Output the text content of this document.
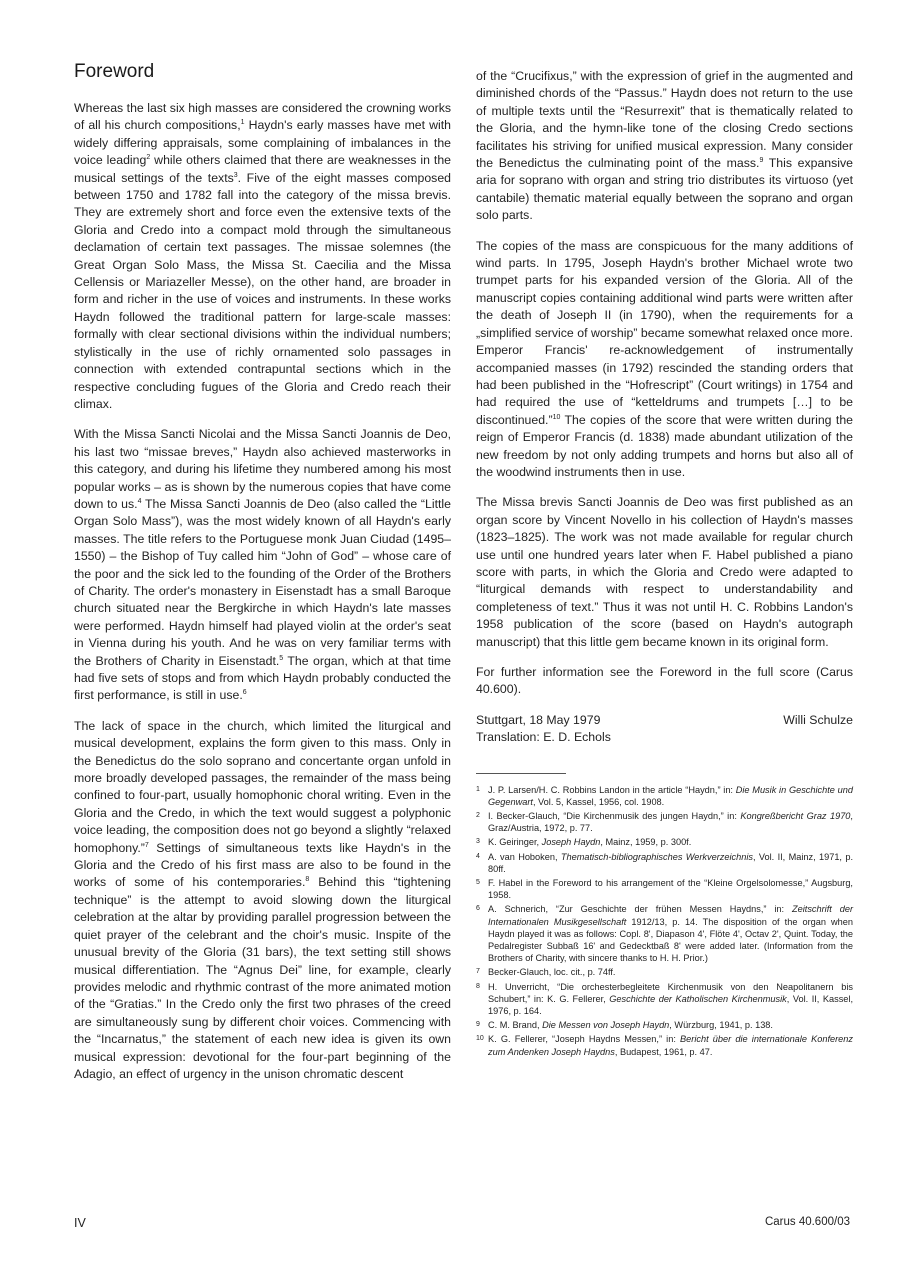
Foreword

Whereas the last six high masses are considered the crowning works of all his church compositions,$^1$ Haydn's early masses have met with widely differing appraisals, some complaining of imbalances in the voice leading$^2$ while others claimed that there are weaknesses in the musical settings of the texts$^3$. Five of the eight masses composed between 1750 and 1782 fall into the category of the missa brevis. They are extremely short and force even the extensive texts of the Gloria and Credo into a compact mold through the simultaneous declamation of certain text passages. The missae solemnes (the Great Organ Solo Mass, the Missa St. Caecilia and the Missa Cellensis or Mariazeller Messe), on the other hand, are broader in form and richer in the use of voices and instruments. In these works Haydn followed the traditional pattern for large-scale masses: formally with clear sectional divisions within the individual numbers; stylistically in the use of richly ornamented solo passages in connection with extended contrapuntal sections which in the respective concluding fugues of the Gloria and Credo reach their climax.

With the Missa Sancti Nicolai and the Missa Sancti Joannis de Deo, his last two “missae breves,” Haydn also achieved masterworks in this category, and during his lifetime they numbered among his most popular works – as is shown by the numerous copies that have come down to us.$^4$ The Missa Sancti Joannis de Deo (also called the “Little Organ Solo Mass”), was the most widely known of all Haydn's early masses. The title refers to the Portuguese monk Juan Ciudad (1495–1550) – the Bishop of Tuy called him “John of God” – whose care of the poor and the sick led to the founding of the Order of the Brothers of Charity. The order's monastery in Eisenstadt has a small Baroque church situated near the Bergkirche in which Haydn's late masses were performed. Haydn himself had played violin at the order's seat in Vienna during his youth. And he was on very familiar terms with the Brothers of Charity in Eisenstadt.$^5$ The organ, which at that time had five sets of stops and from which Haydn probably conducted the first performance, is still in use.$^6$

The lack of space in the church, which limited the liturgical and musical development, explains the form given to this mass. Only in the Benedictus do the solo soprano and concertante organ unfold in more broadly developed passages, the remainder of the mass being confined to four-part, usually homophonic choral writing. Even in the Gloria and the Credo, in which the text would suggest a polyphonic voice leading, the composition does not go beyond a slightly “relaxed homophony.”$^7$ Settings of simultaneous texts like Haydn's in the Gloria and the Credo of his first mass are also to be found in the works of some of his contemporaries.$^8$ Behind this “tightening technique” is the attempt to avoid slowing down the liturgical celebration at the altar by providing parallel progression between the quiet prayer of the celebrant and the choir's music. Inspite of the unusual brevity of the Gloria (31 bars), the text setting still shows musical differentiation. The “Agnus Dei” line, for example, clearly provides melodic and rhythmic contrast of the more animated motion of the “Gratias.” In the Credo only the first two phrases of the creed are simultaneously sung by different choir voices. Commencing with the “Incarnatus,” the statement of each new idea is given its own musical expression: devotional for the four-part beginning of the Adagio, an effect of urgency in the unison chromatic descent

of the “Crucifixus,” with the expression of grief in the augmented and diminished chords of the “Passus.” Haydn does not return to the use of multiple texts until the “Resurrexit” that is thematically related to the Gloria, and the hymn-like tone of the closing Credo sections facilitates his striving for unified musical expression. Many consider the Benedictus the culminating point of the mass.$^9$ This expansive aria for soprano with organ and string trio distributes its virtuoso (yet cantabile) thematic material equally between the soprano and organ solo parts.

The copies of the mass are conspicuous for the many additions of wind parts. In 1795, Joseph Haydn's brother Michael wrote two trumpet parts for his expanded version of the Gloria. All of the manuscript copies containing additional wind parts were written after the death of Joseph II (in 1790), when the requirements for a „simplified service of worship” became somewhat relaxed once more. Emperor Francis' re-acknowledgement of instrumentally accompanied masses (in 1792) rescinded the standing orders that had been published in the “Hofrescript” (Court writings) in 1754 and had required the use of “ketteldrums and trumpets […] to be discontinued.”$^{10}$ The copies of the score that were written during the reign of Emperor Francis (d. 1838) made abundant utilization of the new freedom by not only adding trumpets and horns but also all of the woodwind instruments then in use.

The Missa brevis Sancti Joannis de Deo was first published as an organ score by Vincent Novello in his collection of Haydn's masses (1823–1825). The work was not made available for regular church use until one hundred years later when F. Habel published a piano score with parts, in which the Gloria and Credo were adapted to “liturgical demands with respect to understandability and completeness of text.” Thus it was not until H. C. Robbins Landon's 1958 publication of the score (based on Haydn's autograph manuscript) that this little gem became known in its original form.

For further information see the Foreword in the full score (Carus 40.600).

Stuttgart, 18 May 1979	Willi Schulze

Translation: E. D. Echols

1 J. P. Larsen/H. C. Robbins Landon in the article “Haydn,” in: Die Musik in Geschichte und Gegenwart, Vol. 5, Kassel, 1956, col. 1908.
2 I. Becker-Glauch, “Die Kirchenmusik des jungen Haydn,” in: Kongreßbericht Graz 1970, Graz/Austria, 1972, p. 77.
3 K. Geiringer, Joseph Haydn, Mainz, 1959, p. 300f.
4 A. van Hoboken, Thematisch-bibliographisches Werkverzeichnis, Vol. II, Mainz, 1971, p. 80ff.
5 F. Habel in the Foreword to his arrangement of the “Kleine Orgelsolomesse,” Augsburg, 1958.
6 A. Schnerich, “Zur Geschichte der frühen Messen Haydns,” in: Zeitschrift der Internationalen Musikgesellschaft 1912/13, p. 14. The disposition of the organ when Haydn played it was as follows: Copl. 8', Diapason 4', Flöte 4', Octav 2', Quint. Today, the Pedalregister Subbaß 16' and Gedecktbaß 8' were added later. (Information from the Brothers of Charity, with sincere thanks to H. H. Prior.)
7 Becker-Glauch, loc. cit., p. 74ff.
8 H. Unverricht, “Die orchesterbegleitete Kirchenmusik von den Neapolitanern bis Schubert,” in: K. G. Fellerer, Geschichte der Katholischen Kirchenmusik, Vol. II, Kassel, 1976, p. 164.
9 C. M. Brand, Die Messen von Joseph Haydn, Würzburg, 1941, p. 138.
10 K. G. Fellerer, “Joseph Haydns Messen,” in: Bericht über die internationale Konferenz zum Andenken Joseph Haydns, Budapest, 1961, p. 47.
IV	Carus 40.600/03
